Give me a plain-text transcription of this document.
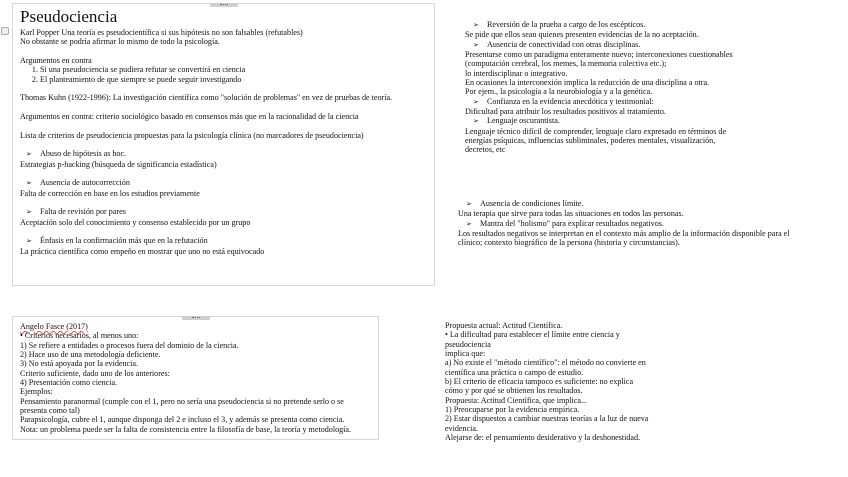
Pseudociencia

Karl Popper Una teoría es pseudocientífica si sus hipótesis no son falsables (refutables)

No obstante se podría afirmar lo mismo de todo la psicología.

Argumentos en contra

1. Si una pseudociencia se pudiera refutar se convertirá en ciencia
2. El planteamiento de que siempre se puede seguir investigando

Thomas Kuhn (1922-1996): La investigación científica como "solución de problemas" en vez de pruebas de teoría.

Argumentos en contra: criterio sociológico basado en consensos más que en la racionalidad de la ciencia

Lista de criterios de pseudociencia propuestas para la psicología clínica (no marcadores de pseudociencia)

➢ Abuso de hipótesis as hoc.

Estrategias p-hacking (búsqueda de significancia estadística)

➢ Ausencia de autocorrección

Falta de corrección en base en los estudios previamente

➢ Falta de revisión por pares

Aceptación solo del conocimiento y consenso establecido por un grupo

➢ Énfasis en la confirmación más que en la refutación

La práctica científica como empeño en mostrar que uno no está equivocado

➢ Reversión de la prueba a cargo de los escépticos.

Se pide que ellos sean quienes presenten evidencias de la no aceptación.

➢ Ausencia de conectividad con otras disciplinas.

Presentarse como un paradigma enteramente nuevo; interconexiones cuestionables

(computación cerebral, los memes, la memoria colectiva etc.);

lo interdisciplinar o integrativo.

En ocasiones la interconexión implica la reducción de una disciplina a otra.

Por ejem., la psicología a la neurobiología y a la genética.

➢ Confianza en la evidencia anecdótica y testimonial:

Dificultad para atribuir los resultados positivos al tratamiento.

➢ Lenguaje oscurantista.

Lenguaje técnico difícil de comprender, lenguaje claro expresado en términos de

energías psíquicas, influencias subliminales, poderes mentales, visualización,

decretos, etc

➢ Ausencia de condiciones límite.

Una terapia que sirve para todas las situaciones en todos las personas.

➢ Mantra del "holismo" para explicar resultados negativos.

Los resultados negativos se interpretan en el contexto más amplio de la información disponible para el

clínico; contexto biográfico de la persona (historia y circunstancias).

Angelo Fasce (2017)

• Criterios necesarios, al menos uno:

1) Se refiere a entidades o procesos fuera del dominio de la ciencia.

2) Hace uso de una metodología deficiente.

3) No está apoyada por la evidencia.

Criterio suficiente, dado uno de los anteriores:

4) Presentación como ciencia.

Ejemplos:

Pensamiento paranormal (cumple con el 1, pero no sería una pseudociencia si no pretende serlo o se

presenta como tal)

Parapsicología, cubre el 1, aunque disponga del 2 e incluso el 3, y además se presenta como ciencia.

Nota: un problema puede ser la falta de consistencia entre la filosofía de base, la teoría y metodología.

Propuesta actual: Actitud Científica.

• La dificultad para establecer el límite entre ciencia y

pseudociencia

implica que:

a) No existe el "método científico": el método no convierte en

científica una práctica o campo de estudio.

b) El criterio de eficacia tampoco es suficiente: no explica

cómo y por qué se obtienen los resultados.

Propuesta: Actitud Científica, que implica...

1) Preocuparse por la evidencia empírica.

2) Estar dispuestos a cambiar nuestras teorías a la luz de nueva

evidencia.

Alejarse de: el pensamiento desiderativo y la deshonestidad.
